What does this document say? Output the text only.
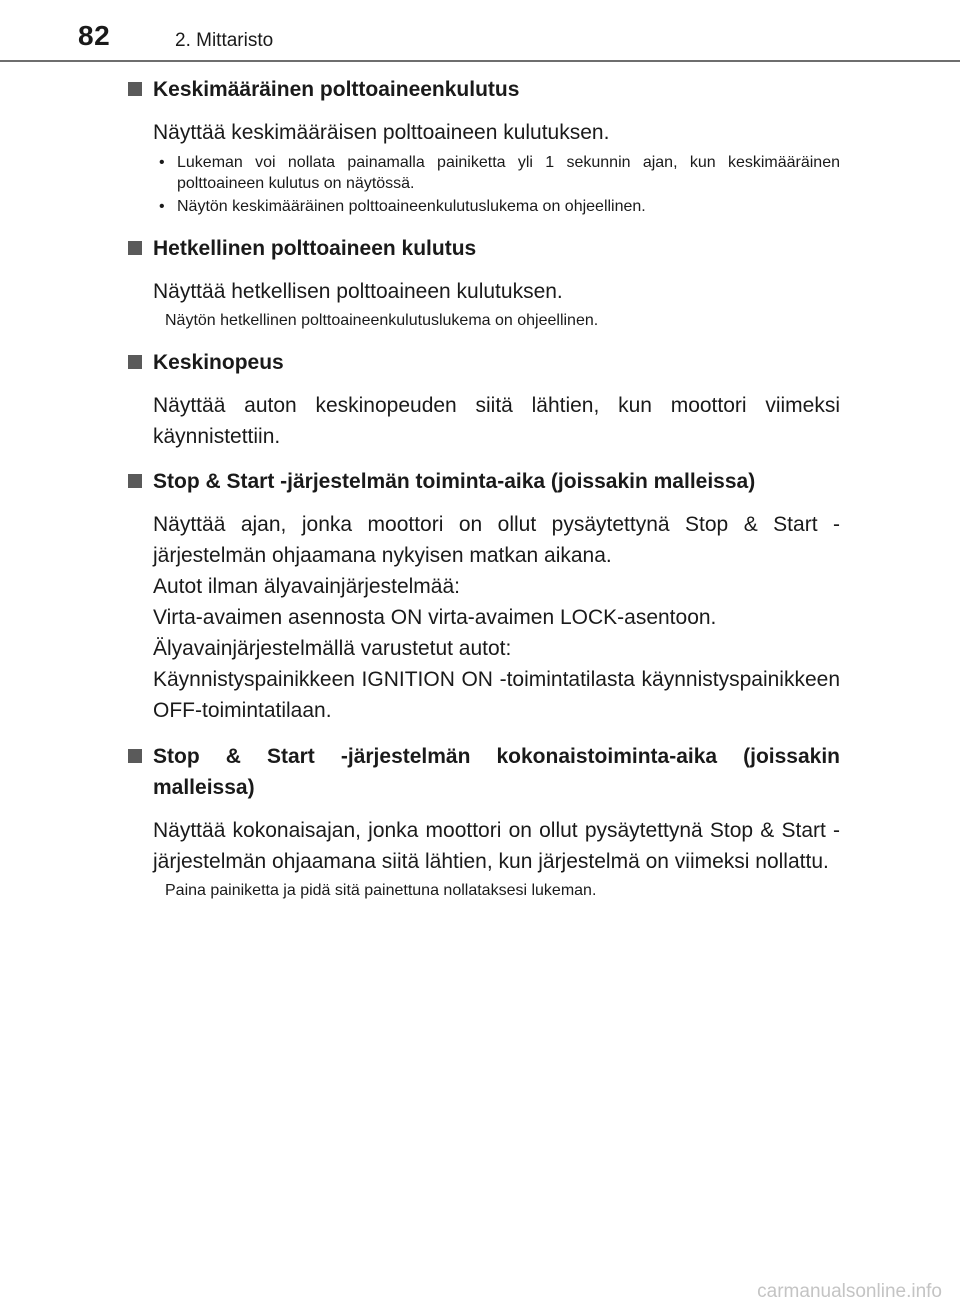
82	2. Mittaristo
Keskimääräinen polttoaineenkulutus
Näyttää keskimääräisen polttoaineen kulutuksen.
• Lukeman voi nollata painamalla painiketta yli 1 sekunnin ajan, kun keskimääräinen polttoaineen kulutus on näytössä.
• Näytön keskimääräinen polttoaineenkulutuslukema on ohjeellinen.
Hetkellinen polttoaineen kulutus
Näyttää hetkellisen polttoaineen kulutuksen.
Näytön hetkellinen polttoaineenkulutuslukema on ohjeellinen.
Keskinopeus
Näyttää auton keskinopeuden siitä lähtien, kun moottori viimeksi käynnistettiin.
Stop & Start -järjestelmän toiminta-aika (joissakin malleissa)
Näyttää ajan, jonka moottori on ollut pysäytettynä Stop & Start -järjestelmän ohjaamana nykyisen matkan aikana.
Autot ilman älyavainjärjestelmää:
Virta-avaimen asennosta ON virta-avaimen LOCK-asentoon.
Älyavainjärjestelmällä varustetut autot:
Käynnistyspainikkeen IGNITION ON -toimintatilasta käynnistyspainikkeen OFF-toimintatilaan.
Stop & Start -järjestelmän kokonaistoiminta-aika (joissakin malleissa)
Näyttää kokonaisajan, jonka moottori on ollut pysäytettynä Stop & Start -järjestelmän ohjaamana siitä lähtien, kun järjestelmä on viimeksi nollattu.
Paina painiketta ja pidä sitä painettuna nollataksesi lukeman.
carmanualsonline.info
